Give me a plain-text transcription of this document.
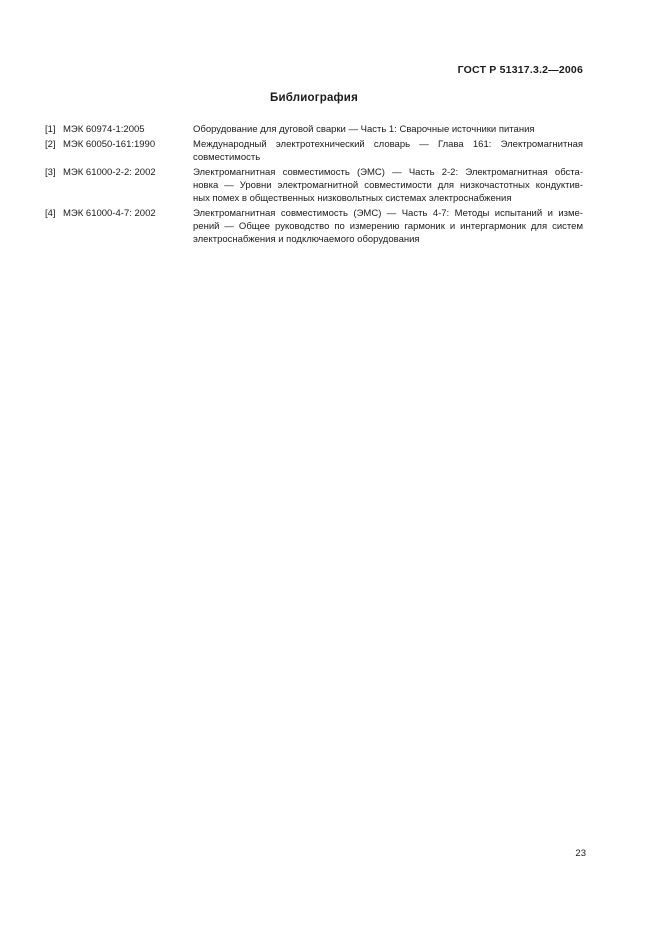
ГОСТ Р 51317.3.2—2006
Библиография
[1] МЭК 60974-1:2005	Оборудование для дуговой сварки — Часть 1: Сварочные источники питания
[2] МЭК 60050-161:1990	Международный электротехнический словарь — Глава 161: Электромагнитная
совместимость
[3] МЭК 61000-2-2: 2002	Электромагнитная совместимость (ЭМС) — Часть 2-2: Электромагнитная обста-
новка — Уровни электромагнитной совместимости для низкочастотных кондуктив-
ных помех в общественных низковольтных системах электроснабжения
[4] МЭК 61000-4-7: 2002	Электромагнитная совместимость (ЭМС) — Часть 4-7: Методы испытаний и изме-
рений — Общее руководство по измерению гармоник и интергармоник для систем
электроснабжения и подключаемого оборудования
23
